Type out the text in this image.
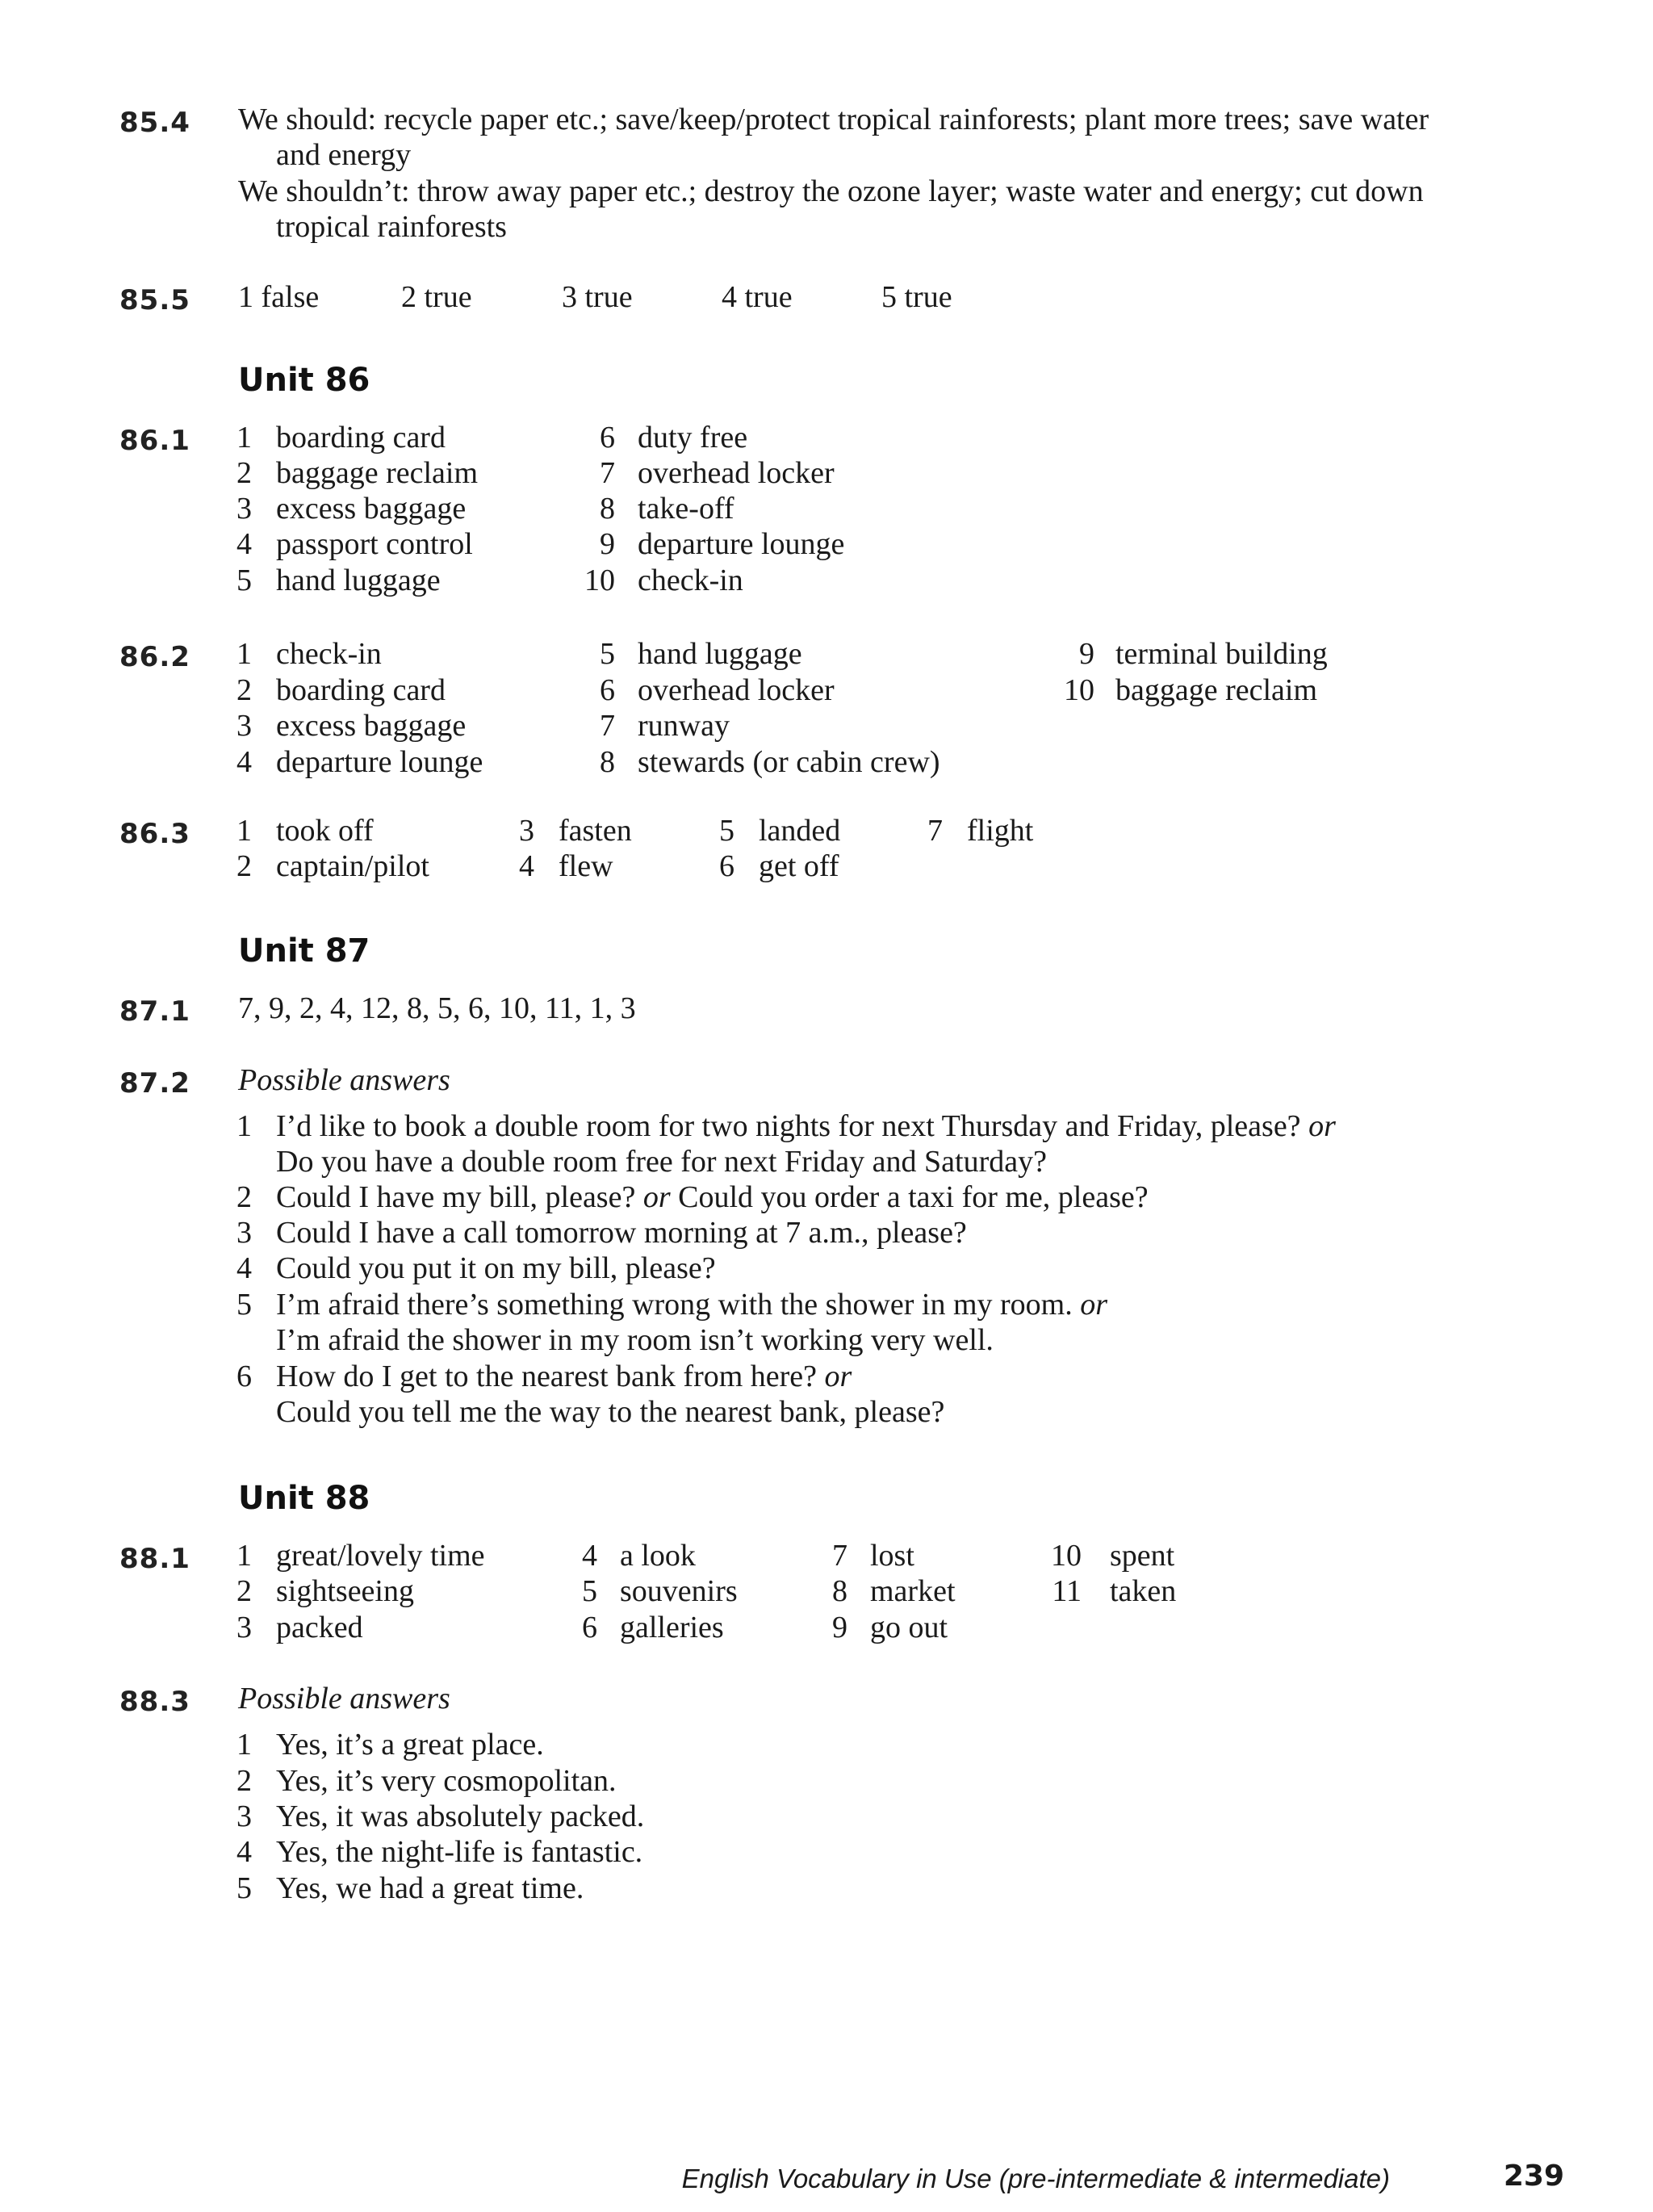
85.4 We should: recycle paper etc.; save/keep/protect tropical rainforests; plant more trees; save water
and energy
We shouldn’t: throw away paper etc.; destroy the ozone layer; waste water and energy; cut down
tropical rainforests
85.5 1 false	2 true	3 true	4 true	5 true
Unit 86
86.1	1 boarding card
2 baggage reclaim
3 excess baggage
4 passport control
5 hand luggage
6 duty free
7 overhead locker
8 take-off
9 departure lounge
10 check-in
86.2	1 check-in
2 boarding card
3 excess baggage
4 departure lounge
5 hand luggage
6 overhead locker
7 runway
8 stewards (or cabin crew)
9 terminal building
10 baggage reclaim
86.3	1 took off
2 captain/pilot
3 fasten
4 flew
5 landed
6 get off
7 flight
Unit 87
87.1 7, 9, 2, 4, 12, 8, 5, 6, 10, 11, 1, 3
87.2 Possible answers
1 I’d like to book a double room for two nights for next Thursday and Friday, please? or
Do you have a double room free for next Friday and Saturday?
2 Could I have my bill, please? or Could you order a taxi for me, please?
3 Could I have a call tomorrow morning at 7 a.m., please?
4 Could you put it on my bill, please?
5 I’m afraid there’s something wrong with the shower in my room. or
I’m afraid the shower in my room isn’t working very well.
6 How do I get to the nearest bank from here? or
Could you tell me the way to the nearest bank, please?
Unit 88
88.1	1 great/lovely time
2 sightseeing
3 packed
4 a look
5 souvenirs
6 galleries
7 lost
8 market
9 go out
10 spent
11 taken
88.3 Possible answers
1 Yes, it’s a great place.
2 Yes, it’s very cosmopolitan.
3 Yes, it was absolutely packed.
4 Yes, the night-life is fantastic.
5 Yes, we had a great time.
English Vocabulary in Use (pre-intermediate & intermediate)	239
